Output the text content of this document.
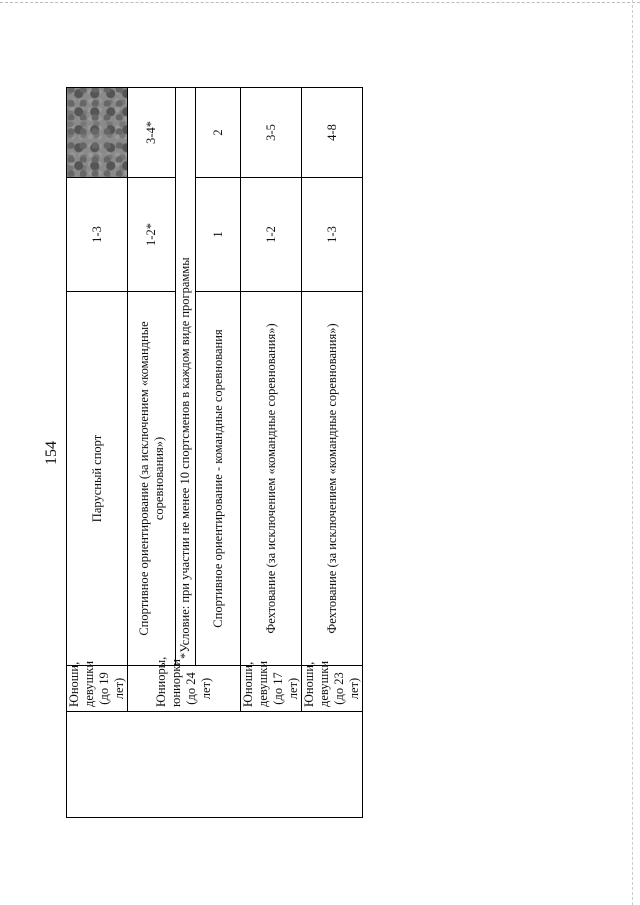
154
	Юноши, девушки (до 19 лет)	Парусный спорт	1-3	
	Юниоры, юниорки (до 24 лет)	Спортивное ориентирование (за исключением «командные соревнования»)	1-2*	3-4*
		*Условие: при участии не менее 10 спортсменов в каждом виде программы		
		Спортивное ориентирование - командные соревнования	1	2
	Юноши, девушки (до 17 лет)	Фехтование (за исключением «командные соревнования»)	1-2	3-5
	Юноши, девушки (до 23 лет)	Фехтование (за исключением «командные соревнования»)	1-3	4-8
